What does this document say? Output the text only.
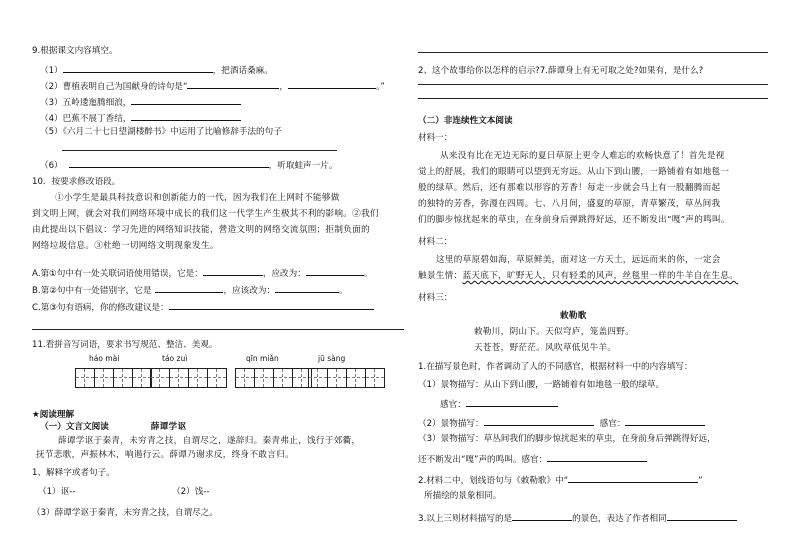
9.根据课文内容填空。
（1）	，把酒话桑麻。
（2）曹植表明自己为国献身的诗句是“	，	。”
（3）五岭逶迤腾细浪，
（4）巴蕉不展丁香结，
（5）《六月二十七日望湖楼醉书》中运用了比喻修辞手法的句子
（6）	，听取蛙声一片。
10．按要求修改语段。
①小学生是最具科技意识和创新能力的一代，因为我们在上网时不能够做
到文明上网，就会对我们网络环境中成长的我们这一代学生产生极其不利的影响。②我们
由此提出以下倡议：学习先进的网络知识技能，營造文明的网络交流氛围；拒制负面的
网络垃圾信息。③杜绝一切网络文明现象发生。
A.第①句中有一处关联词语使用错误，它是：	，应改为：	。
B.第②句中有一处错别字，它是	，应该改为：	。
C.第③句有语病，你的修改建议是：
11.看拼音写词语，要求书写规范、整洁、美观。
háo mài	táo zuì	qīn miǎn	jū sàng
★阅读理解
（一）文言文阅读	薛谭学讴
薛谭学讴于秦青，未穷青之技，自谓尽之，遂辞归。秦青弗止，饯行于郊衢，
抚节悲歌，声振林木，响遏行云。薛谭乃谢求反，终身不敢言归。
1、解释字或者句子。
（1）讴--	（2）饯--
（3）薛谭学讴于秦青，未穷青之技，自谓尽之。
2、这个故事给你以怎样的启示?7.薛谭身上有无可取之处?如果有，是什么?
（二）非连续性文本阅读
材料一：
从来没有比在无边无际的夏日草原上更令人难忘的欢畅快意了！首先是视
觉上的舒展，我们的眼睛可以望到无穷远。从山下到山腰，一路铺着有如地毯一
般的绿草。然后，还有那难以形容的芳香！每走一步就会马上有一股翻腾而起
的独特的芳香，弥漫在四周。七、八月间，盛夏的草原，青草繁茂，草丛间我
们的脚步惊扰起来的草虫，在身前身后弹跳得好远，还不断发出“嘎”声的鸣叫。
材料二：
这里的草原碧如海，草原鲜美，面对这一方天土，远远而来的你，一定会
触景生情：蓝天底下，旷野无人，只有轻柔的风声，丝毯里一样的牛羊自在生息。
材料三：
敕勒歌
敕勒川，阴山下。天似穹庐，笼盖四野。
天苍苍，野茫茫。风吹草低见牛羊。
1.在描写景色时，作者调动了人的不同感官，根据材料一中的内容填写：
（1）景物描写：从山下到山腰，一路铺着有如地毯一般的绿草。
感官：
（2）景物描写：	感官：
（3）景物描写：草丛间我们的脚步惊扰起来的草虫，在身前身后弹跳得好远，
还不断发出“嘎”声的鸣叫。感官：
2.材料二中，划线语句与《敕勒歌》中“	”
所描绘的景象相同。
3.以上三则材料描写的是	的景色，表达了作者相同
